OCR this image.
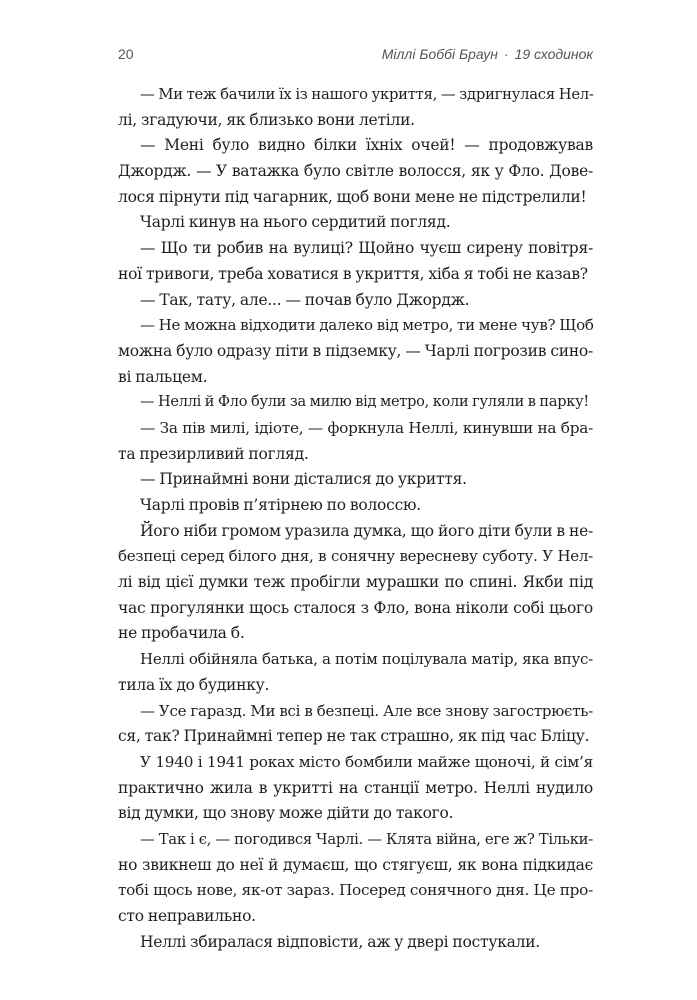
20	Міллі Боббі Браун · 19 сходинок
— Ми теж бачили їх із нашого укриття, — здригнулася Нел-
лі, згадуючи, як близько вони летіли.
— Мені було видно білки їхніх очей! — продовжував
Джордж. — У ватажка було світле волосся, як у Фло. Дове-
лося пірнути під чагарник, щоб вони мене не підстрелили!
Чарлі кинув на нього сердитий погляд.
— Що ти робив на вулиці? Щойно чуєш сирену повітря-
ної тривоги, треба ховатися в укриття, хіба я тобі не казав?
— Так, тату, але... — почав було Джордж.
— Не можна відходити далеко від метро, ти мене чув? Щоб
можна було одразу піти в підземку, — Чарлі погрозив сино-
ві пальцем.
— Неллі й Фло були за милю від метро, коли гуляли в парку!
— За пів милі, ідіоте, — форкнула Неллі, кинувши на бра-
та презирливий погляд.
— Принаймні вони дісталися до укриття.
Чарлі провів п’ятірнею по волоссю.
Його ніби громом уразила думка, що його діти були в не-
безпеці серед білого дня, в сонячну вересневу суботу. У Нел-
лі від цієї думки теж пробігли мурашки по спині. Якби під
час прогулянки щось сталося з Фло, вона ніколи собі цього
не пробачила б.
Неллі обійняла батька, а потім поцілувала матір, яка впус-
тила їх до будинку.
— Усе гаразд. Ми всі в безпеці. Але все знову загострюєть-
ся, так? Принаймні тепер не так страшно, як під час Бліцу.
У 1940 і 1941 роках місто бомбили майже щоночі, й сім’я
практично жила в укритті на станції метро. Неллі нудило
від думки, що знову може дійти до такого.
— Так і є, — погодився Чарлі. — Клята війна, еге ж? Тільки-
но звикнеш до неї й думаєш, що стягуєш, як вона підкидає
тобі щось нове, як-от зараз. Посеред сонячного дня. Це про-
сто неправильно.
Неллі збиралася відповісти, аж у двері постукали.
